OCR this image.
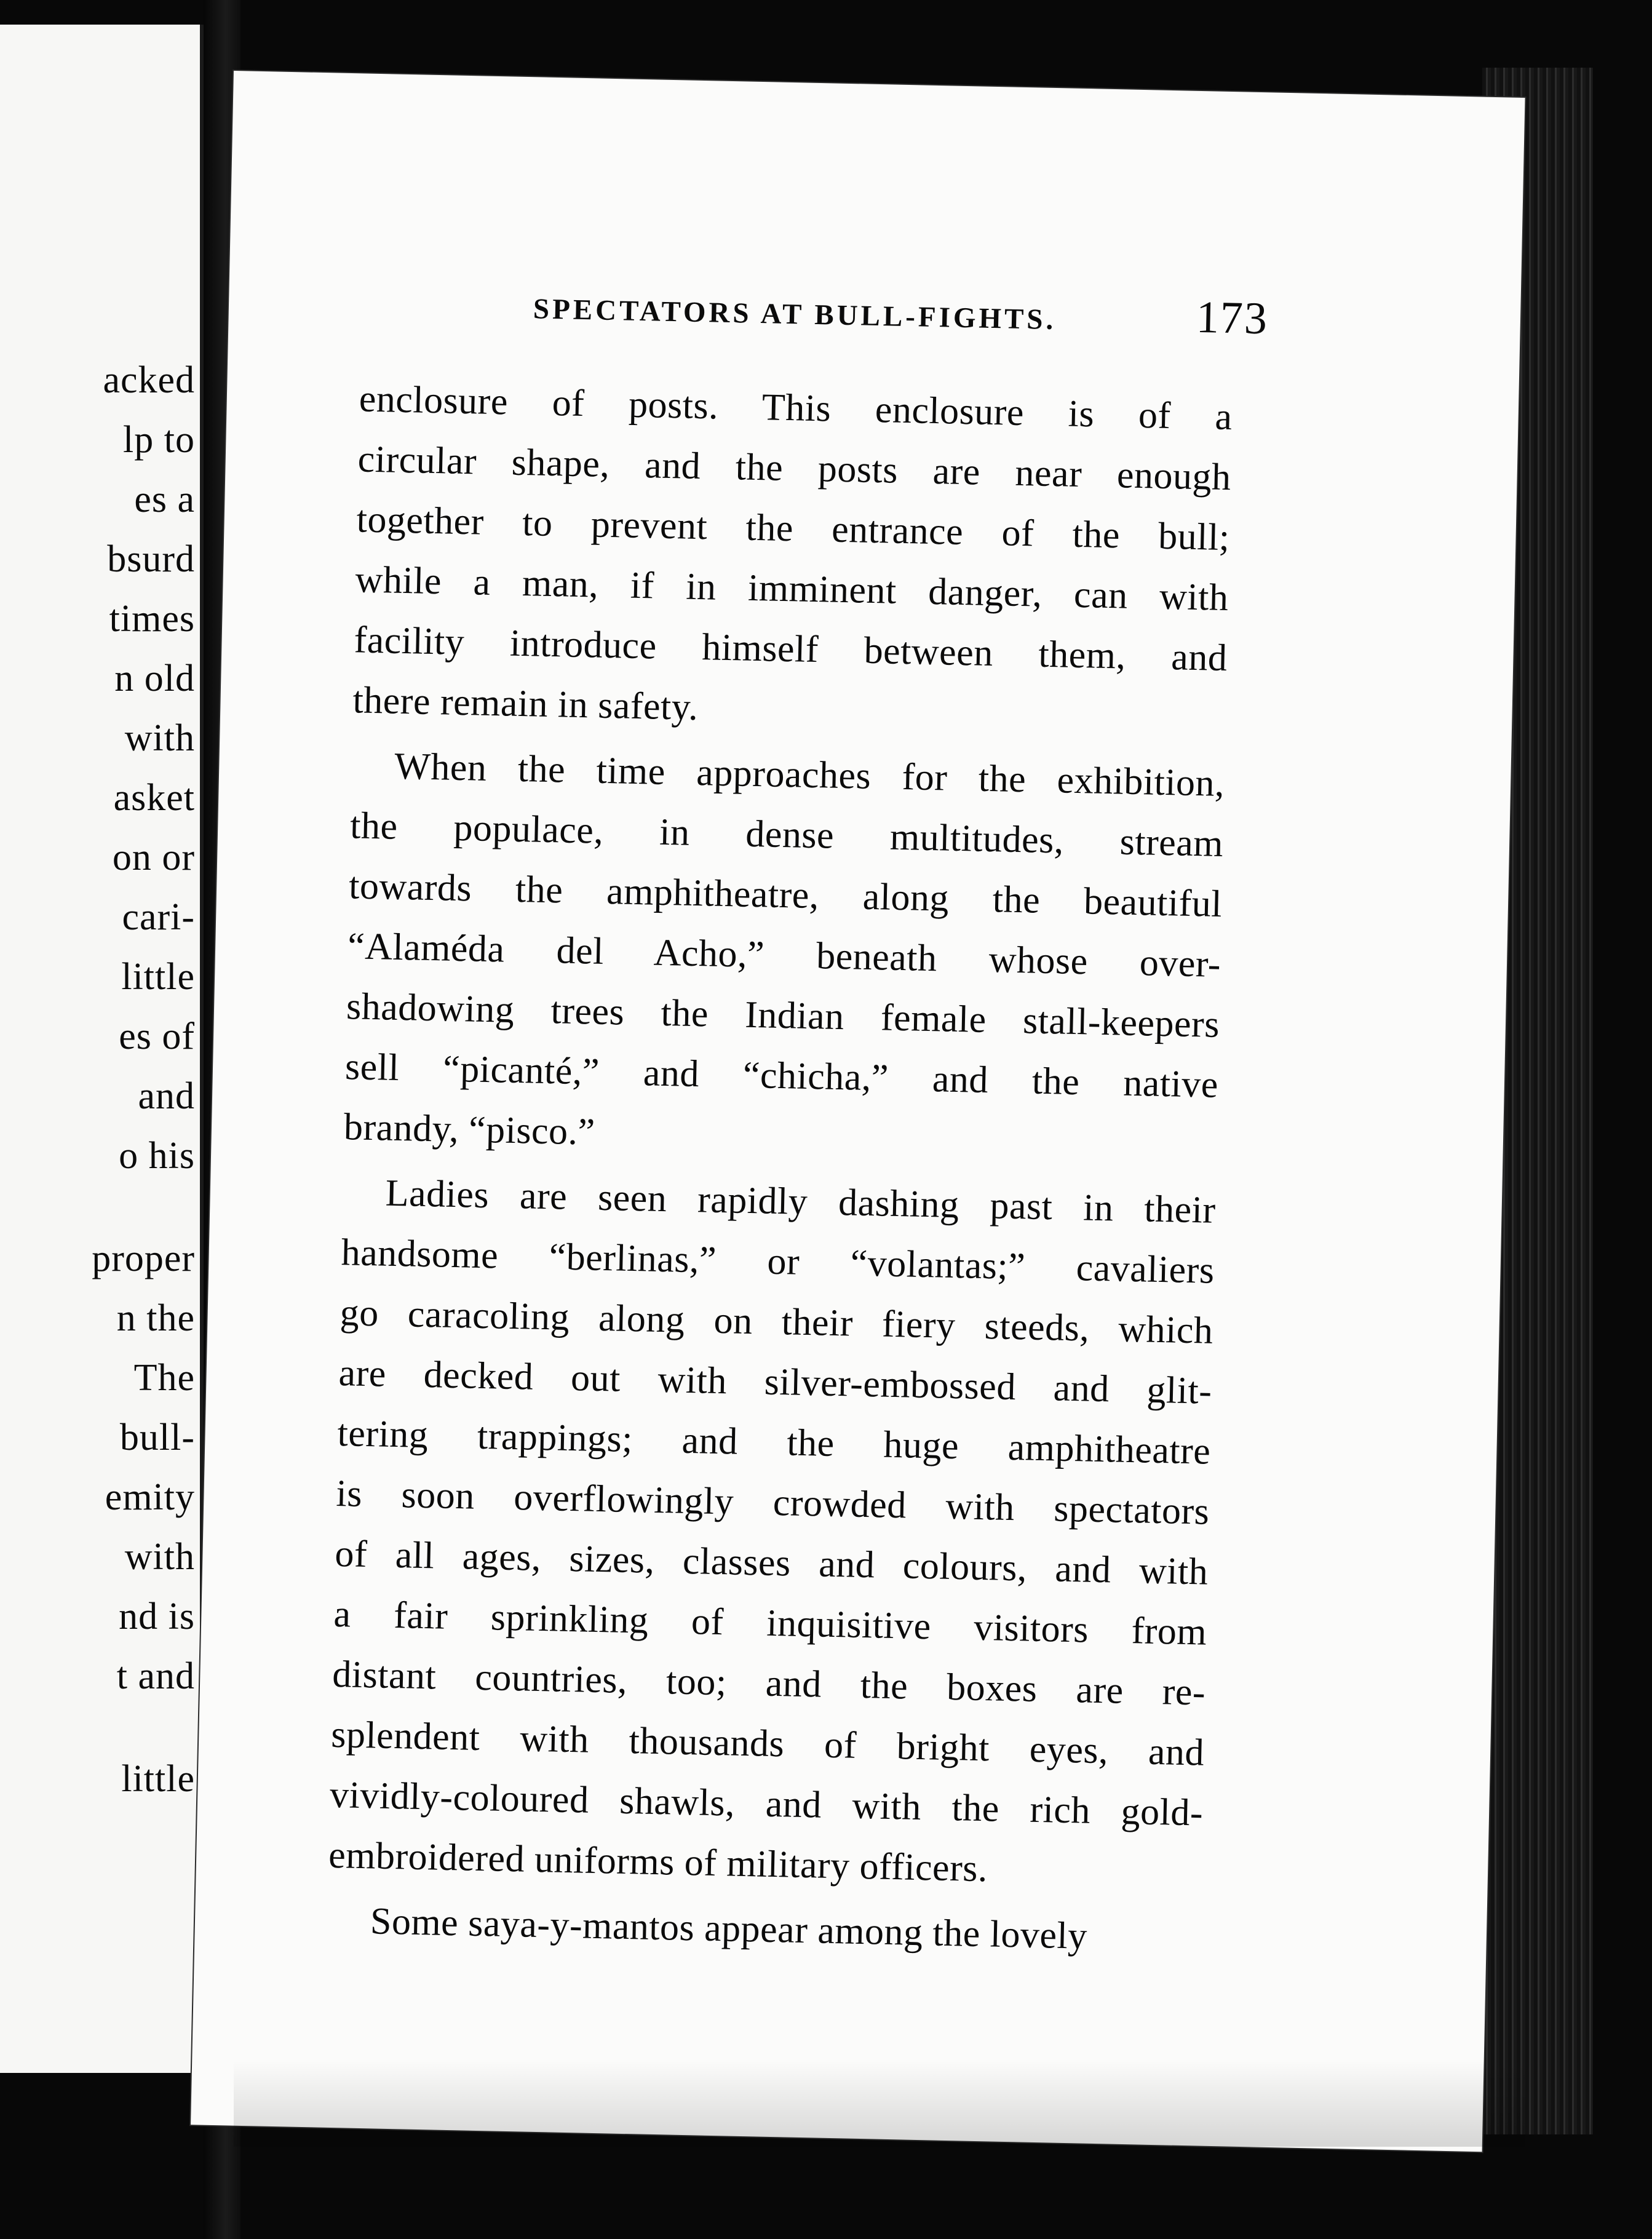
acked
lp to
es a
bsurd
times
n old
with
asket
on or
cari-
little
es of
and
o his
proper
n the
The
bull-
emity
with
nd is
t and
little
SPECTATORS AT BULL-FIGHTS.	173
enclosure of posts. This enclosure is of a
circular shape, and the posts are near enough
together to prevent the entrance of the bull;
while a man, if in imminent danger, can with
facility introduce himself between them, and
there remain in safety.
When the time approaches for the exhibition,
the populace, in dense multitudes, stream
towards the amphitheatre, along the beautiful
“Alaméda del Acho,” beneath whose over-
shadowing trees the Indian female stall-keepers
sell “picanté,” and “chicha,” and the native
brandy, “pisco.”
Ladies are seen rapidly dashing past in their
handsome “berlinas,” or “volantas;” cavaliers
go caracoling along on their fiery steeds, which
are decked out with silver-embossed and glit-
tering trappings; and the huge amphitheatre
is soon overflowingly crowded with spectators
of all ages, sizes, classes and colours, and with
a fair sprinkling of inquisitive visitors from
distant countries, too; and the boxes are re-
splendent with thousands of bright eyes, and
vividly-coloured shawls, and with the rich gold-
embroidered uniforms of military officers.
Some saya-y-mantos appear among the lovely
